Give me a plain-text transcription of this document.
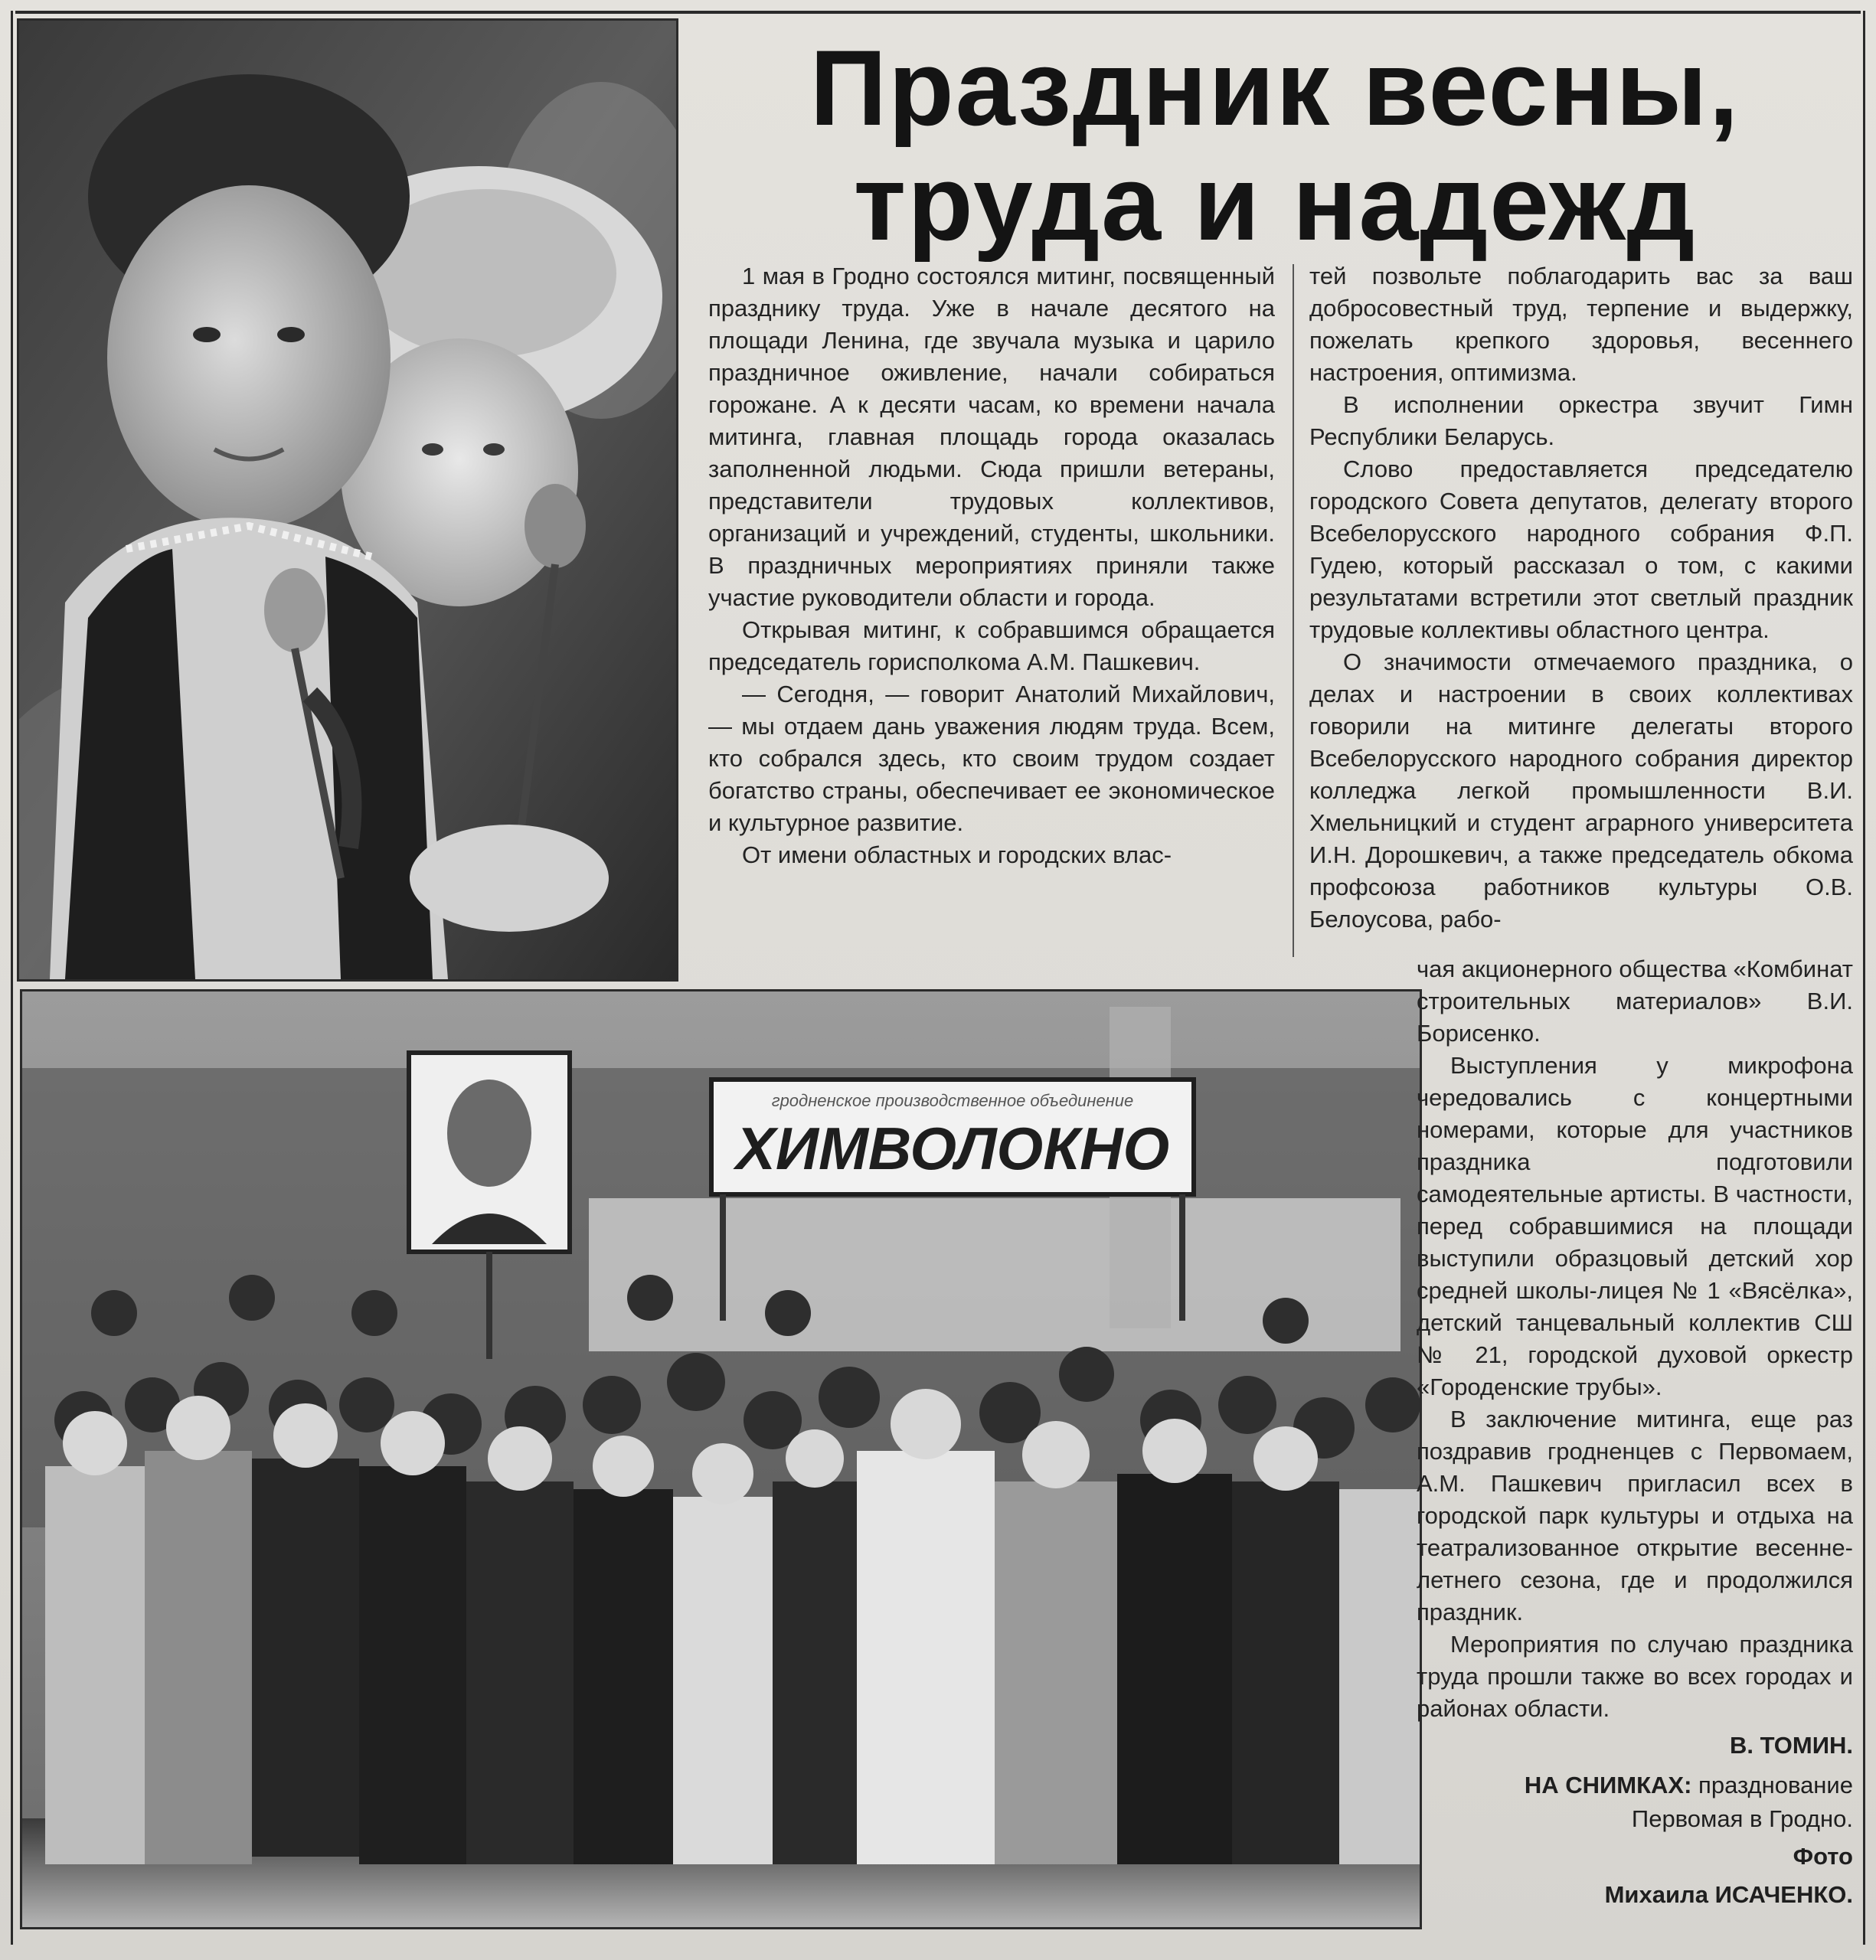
Праздник весны,
труда и надежд

1 мая в Гродно состоялся митинг, посвященный празднику труда. Уже в начале десятого на площади Ленина, где звучала музыка и царило праздничное оживление, начали собираться горожане. А к десяти часам, ко времени начала митинга, главная площадь города оказалась заполненной людьми. Сюда пришли ветераны, представители трудовых коллективов, организаций и учреждений, студенты, школьники. В праздничных мероприятиях приняли также участие руководители области и города.

Открывая митинг, к собравшимся обращается председатель горисполкома А.М. Пашкевич.

— Сегодня, — говорит Анатолий Михайлович, — мы отдаем дань уважения людям труда. Всем, кто собрался здесь, кто своим трудом создает богатство страны, обеспечивает ее экономическое и культурное развитие.

От имени областных и городских влас-

тей позвольте поблагодарить вас за ваш добросовестный труд, терпение и выдержку, пожелать крепкого здоровья, весеннего настроения, оптимизма.

В исполнении оркестра звучит Гимн Республики Беларусь.

Слово предоставляется председателю городского Совета депутатов, делегату второго Всебелорусского народного собрания Ф.П. Гудею, который рассказал о том, с какими результатами встретили этот светлый праздник трудовые коллективы областного центра.

О значимости отмечаемого праздника, о делах и настроении в своих коллективах говорили на митинге делегаты второго Всебелорусского народного собрания директор колледжа легкой промышленности В.И. Хмельницкий и студент аграрного университета И.Н. Дорошкевич, а также председатель обкома профсоюза работников культуры О.В. Белоусова, рабо-

гродненское производственное объединение
ХИМВОЛОКНО

чая акционерного общества «Комбинат строительных материалов» В.И. Борисенко.

Выступления у микрофона чередовались с концертными номерами, которые для участников праздника подготовили самодеятельные артисты. В частности, перед собравшимися на площади выступили образцовый детский хор средней школы-лицея № 1 «Вясёлка», детский танцевальный коллектив СШ № 21, городской духовой оркестр «Городенские трубы».

В заключение митинга, еще раз поздравив гродненцев с Первомаем, А.М. Пашкевич пригласил всех в городской парк культуры и отдыха на театрализованное открытие весенне-летнего сезона, где и продолжился праздник.

Мероприятия по случаю праздника труда прошли также во всех городах и районах области.

В. ТОМИН.
НА СНИМКАХ: празднование Первомая в Гродно.
Фото
Михаила ИСАЧЕНКО.
